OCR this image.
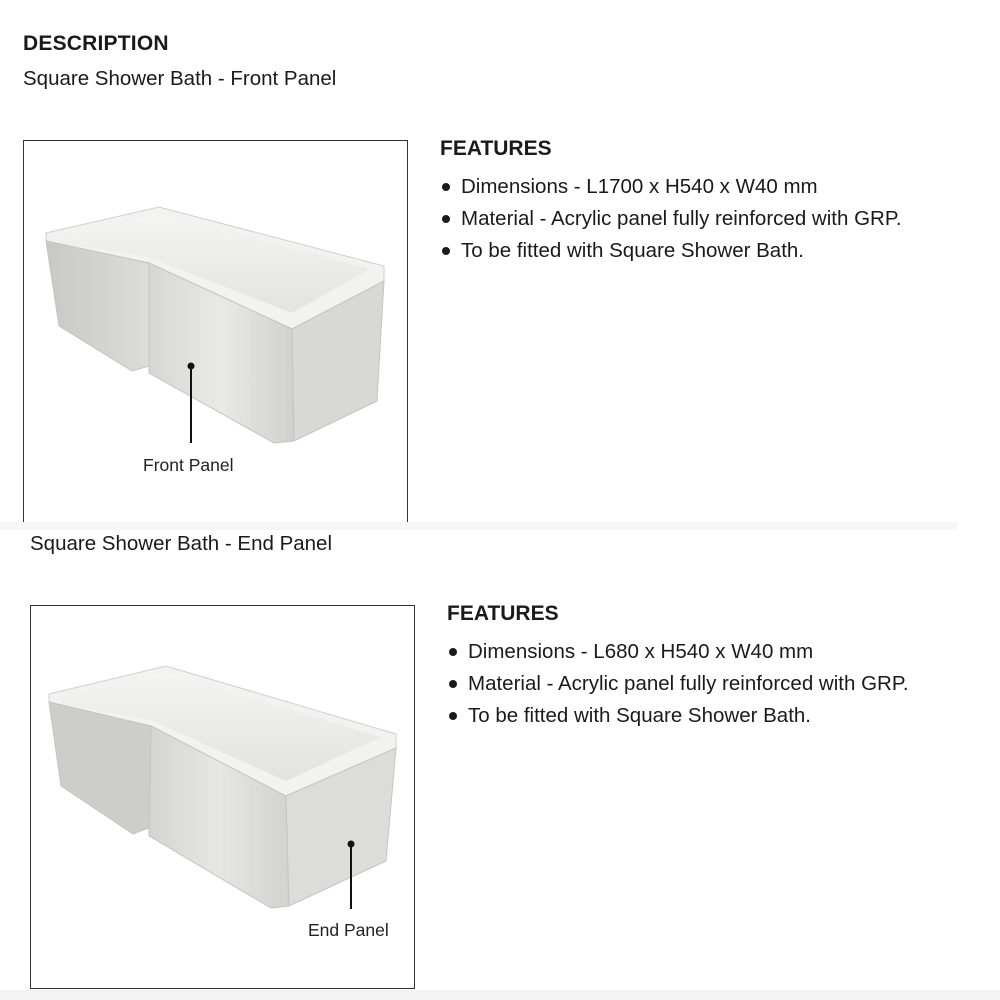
DESCRIPTION
Square Shower Bath - Front Panel
Front Panel
FEATURES
Dimensions - L1700 x H540 x W40 mm
Material - Acrylic panel fully reinforced with GRP.
To be fitted with Square Shower Bath.
Square Shower Bath - End Panel
End Panel
FEATURES
Dimensions - L680 x H540 x W40 mm
Material - Acrylic panel fully reinforced with GRP.
To be fitted with Square Shower Bath.
